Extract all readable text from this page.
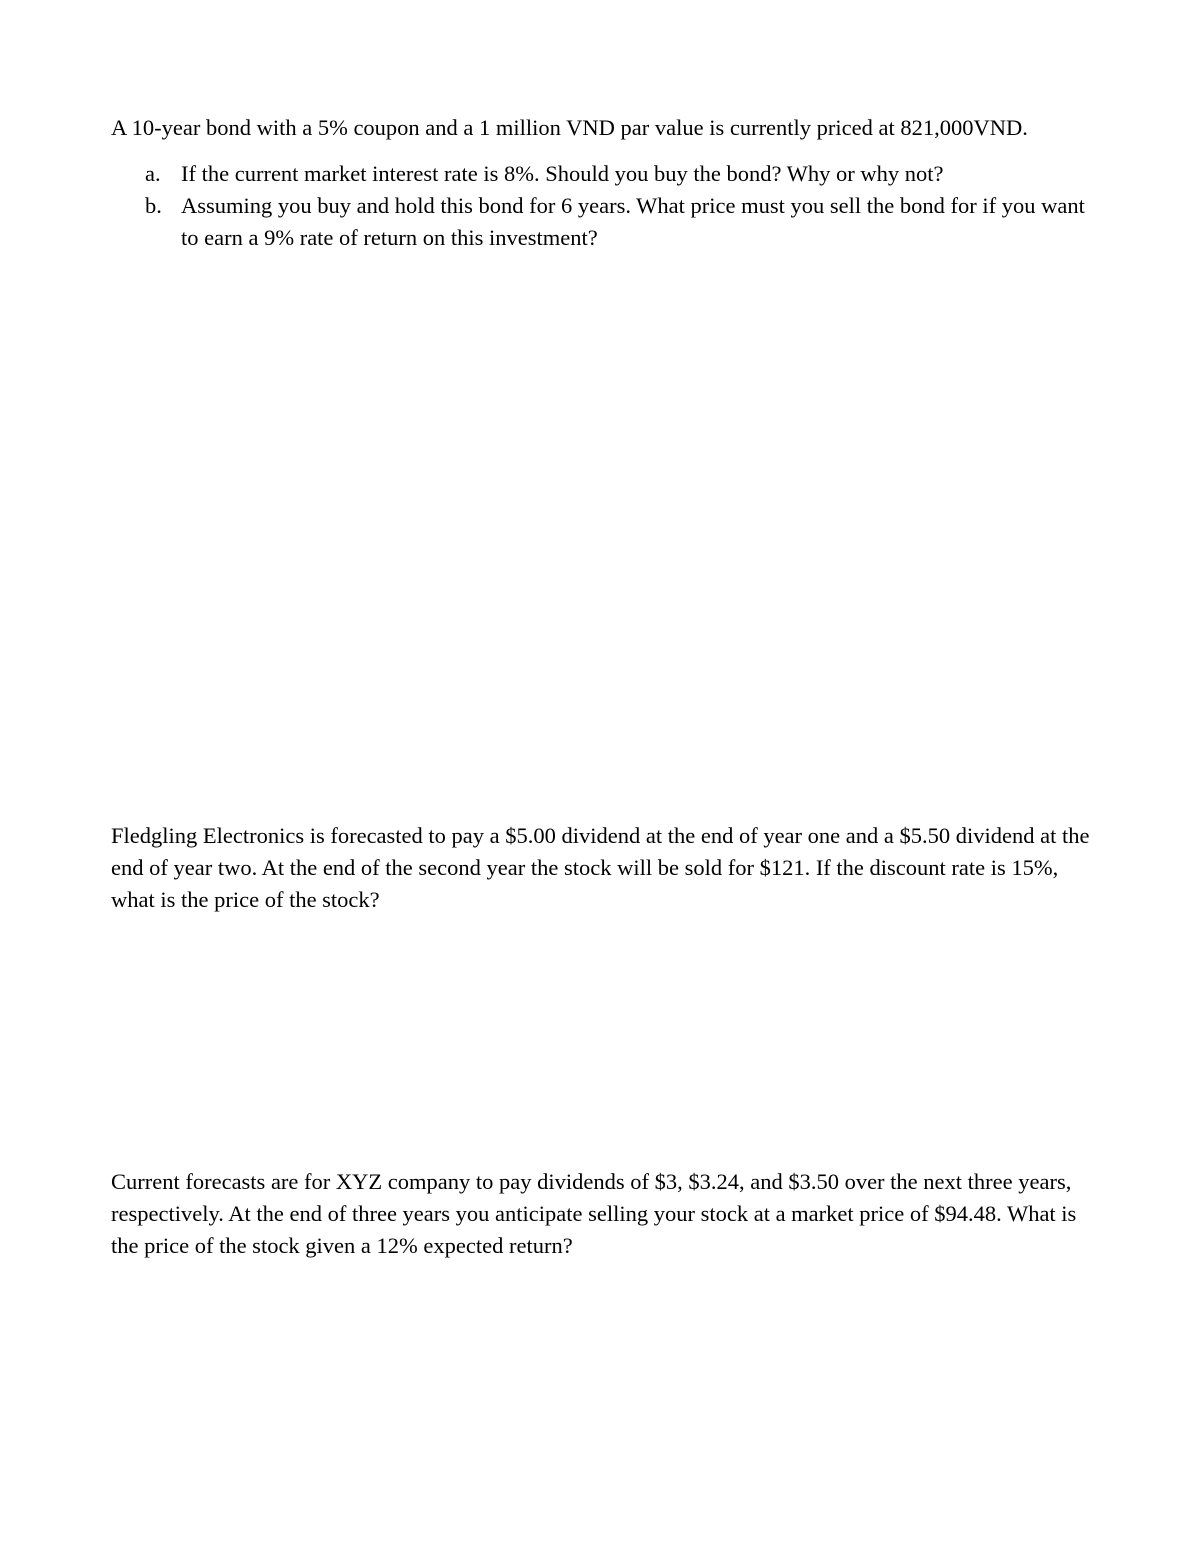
A 10-year bond with a 5% coupon and a 1 million VND par value is currently priced at 821,000VND.

a. If the current market interest rate is 8%. Should you buy the bond? Why or why not?
b. Assuming you buy and hold this bond for 6 years. What price must you sell the bond for if you want to earn a 9% rate of return on this investment?

Fledgling Electronics is forecasted to pay a $5.00 dividend at the end of year one and a $5.50 dividend at the end of year two. At the end of the second year the stock will be sold for $121. If the discount rate is 15%, what is the price of the stock?

Current forecasts are for XYZ company to pay dividends of $3, $3.24, and $3.50 over the next three years, respectively. At the end of three years you anticipate selling your stock at a market price of $94.48. What is the price of the stock given a 12% expected return?
